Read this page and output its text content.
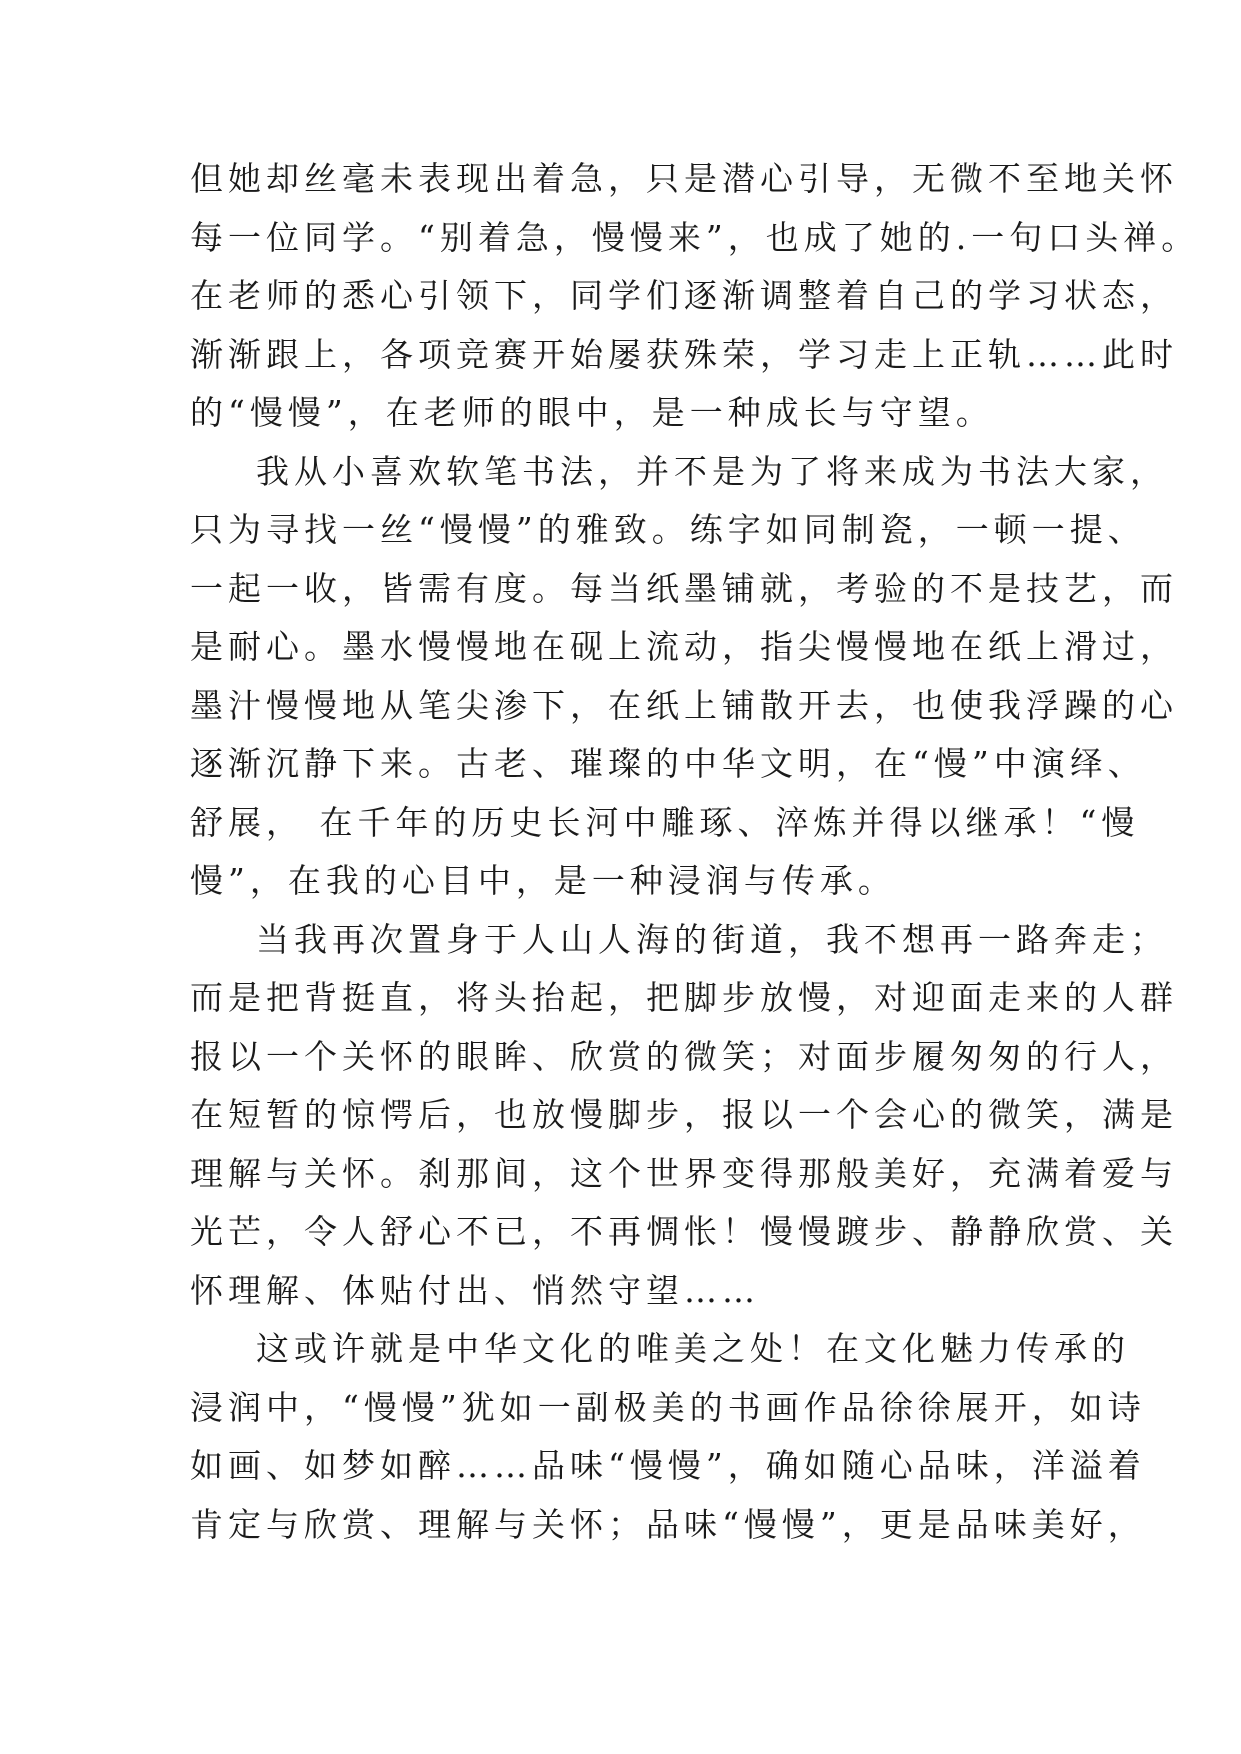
但她却丝毫未表现出着急，只是潜心引导，无微不至地关怀
每一位同学。“别着急，慢慢来”，也成了她的.一句口头禅。
在老师的悉心引领下，同学们逐渐调整着自己的学习状态，
渐渐跟上，各项竞赛开始屡获殊荣，学习走上正轨……此时
的“慢慢”，在老师的眼中，是一种成长与守望。
我从小喜欢软笔书法，并不是为了将来成为书法大家，
只为寻找一丝“慢慢”的雅致。练字如同制瓷，一顿一提、
一起一收，皆需有度。每当纸墨铺就，考验的不是技艺，而
是耐心。墨水慢慢地在砚上流动，指尖慢慢地在纸上滑过，
墨汁慢慢地从笔尖渗下，在纸上铺散开去，也使我浮躁的心
逐渐沉静下来。古老、璀璨的中华文明，在“慢”中演绎、
舒展， 在千年的历史长河中雕琢、淬炼并得以继承！“慢
慢”，在我的心目中，是一种浸润与传承。
当我再次置身于人山人海的街道，我不想再一路奔走；
而是把背挺直，将头抬起，把脚步放慢，对迎面走来的人群
报以一个关怀的眼眸、欣赏的微笑；对面步履匆匆的行人，
在短暂的惊愕后，也放慢脚步，报以一个会心的微笑，满是
理解与关怀。刹那间，这个世界变得那般美好，充满着爱与
光芒，令人舒心不已，不再惆怅！慢慢踱步、静静欣赏、关
怀理解、体贴付出、悄然守望……
这或许就是中华文化的唯美之处！在文化魅力传承的
浸润中，“慢慢”犹如一副极美的书画作品徐徐展开，如诗
如画、如梦如醉……品味“慢慢”，确如随心品味，洋溢着
肯定与欣赏、理解与关怀；品味“慢慢”，更是品味美好，
